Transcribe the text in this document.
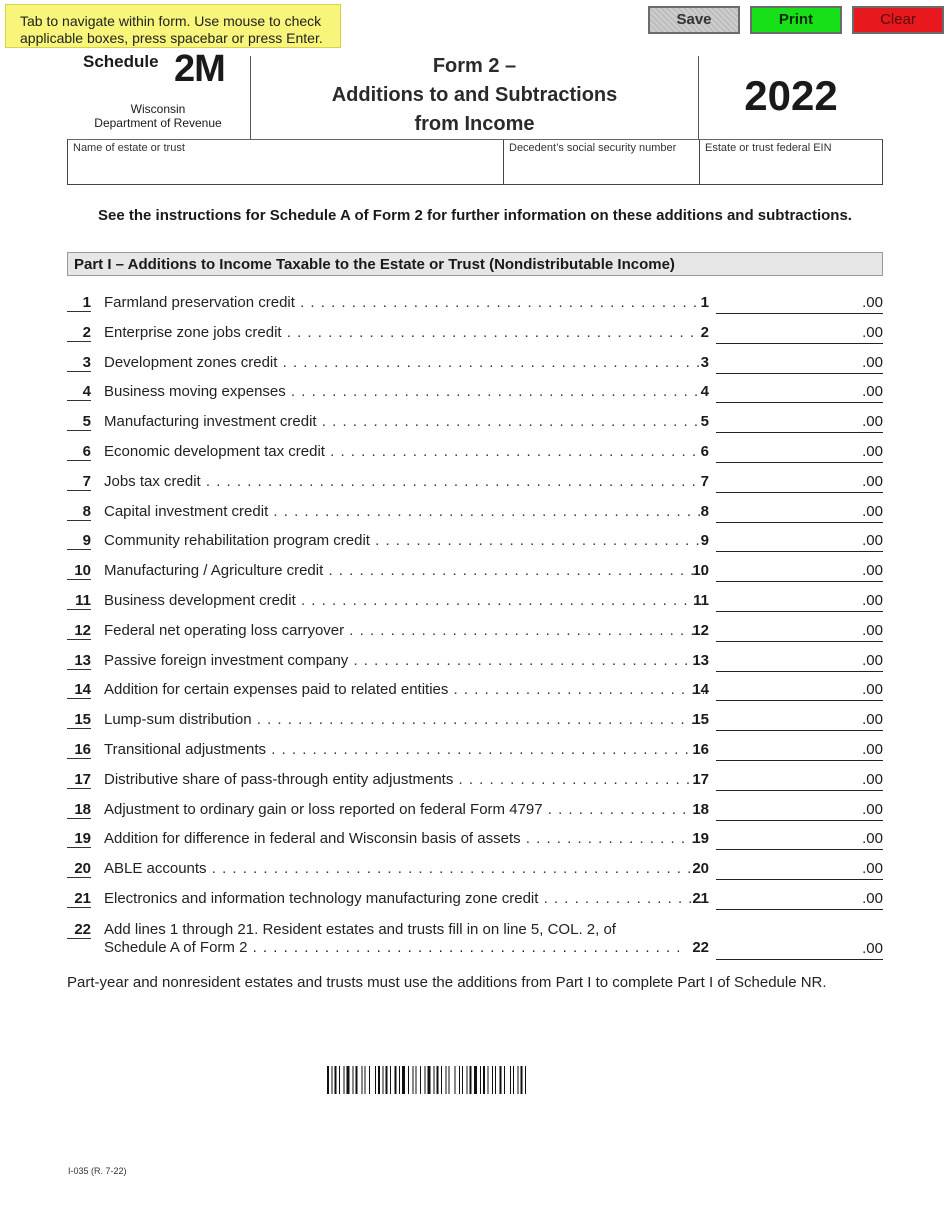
Tab to navigate within form. Use mouse to check
applicable boxes, press spacebar or press Enter.
Save	Print	Clear
Schedule 2M
Wisconsin
Department of Revenue
Form 2 –
Additions to and Subtractions
from Income
2022
Name of estate or trust	Decedent’s social security number	Estate or trust federal EIN
See the instructions for Schedule A of Form 2 for further information on these additions and subtractions.
Part I – Additions to Income Taxable to the Estate or Trust (Nondistributable Income)
1 Farmland preservation credit . . .	1	.00
2 Enterprise zone jobs credit . . .	2	.00
3 Development zones credit . . .	3	.00
4 Business moving expenses . . .	4	.00
5 Manufacturing investment credit . . .	5	.00
6 Economic development tax credit . . .	6	.00
7 Jobs tax credit . . .	7	.00
8 Capital investment credit . . .	8	.00
9 Community rehabilitation program credit . . .	9	.00
10 Manufacturing / Agriculture credit . . .	10	.00
11 Business development credit . . .	11	.00
12 Federal net operating loss carryover . . .	12	.00
13 Passive foreign investment company . . .	13	.00
14 Addition for certain expenses paid to related entities . . .	14	.00
15 Lump-sum distribution . . .	15	.00
16 Transitional adjustments . . .	16	.00
17 Distributive share of pass-through entity adjustments . . .	17	.00
18 Adjustment to ordinary gain or loss reported on federal Form 4797 . . .	18	.00
19 Addition for difference in federal and Wisconsin basis of assets . . .	19	.00
20 ABLE accounts . . .	20	.00
21 Electronics and information technology manufacturing zone credit . . .	21	.00
22 Add lines 1 through 21. Resident estates and trusts fill in on line 5, COL. 2, of
Schedule A of Form 2 . . .	22	.00
Part-year and nonresident estates and trusts must use the additions from Part I to complete Part I of Schedule NR.
I-035 (R. 7-22)
